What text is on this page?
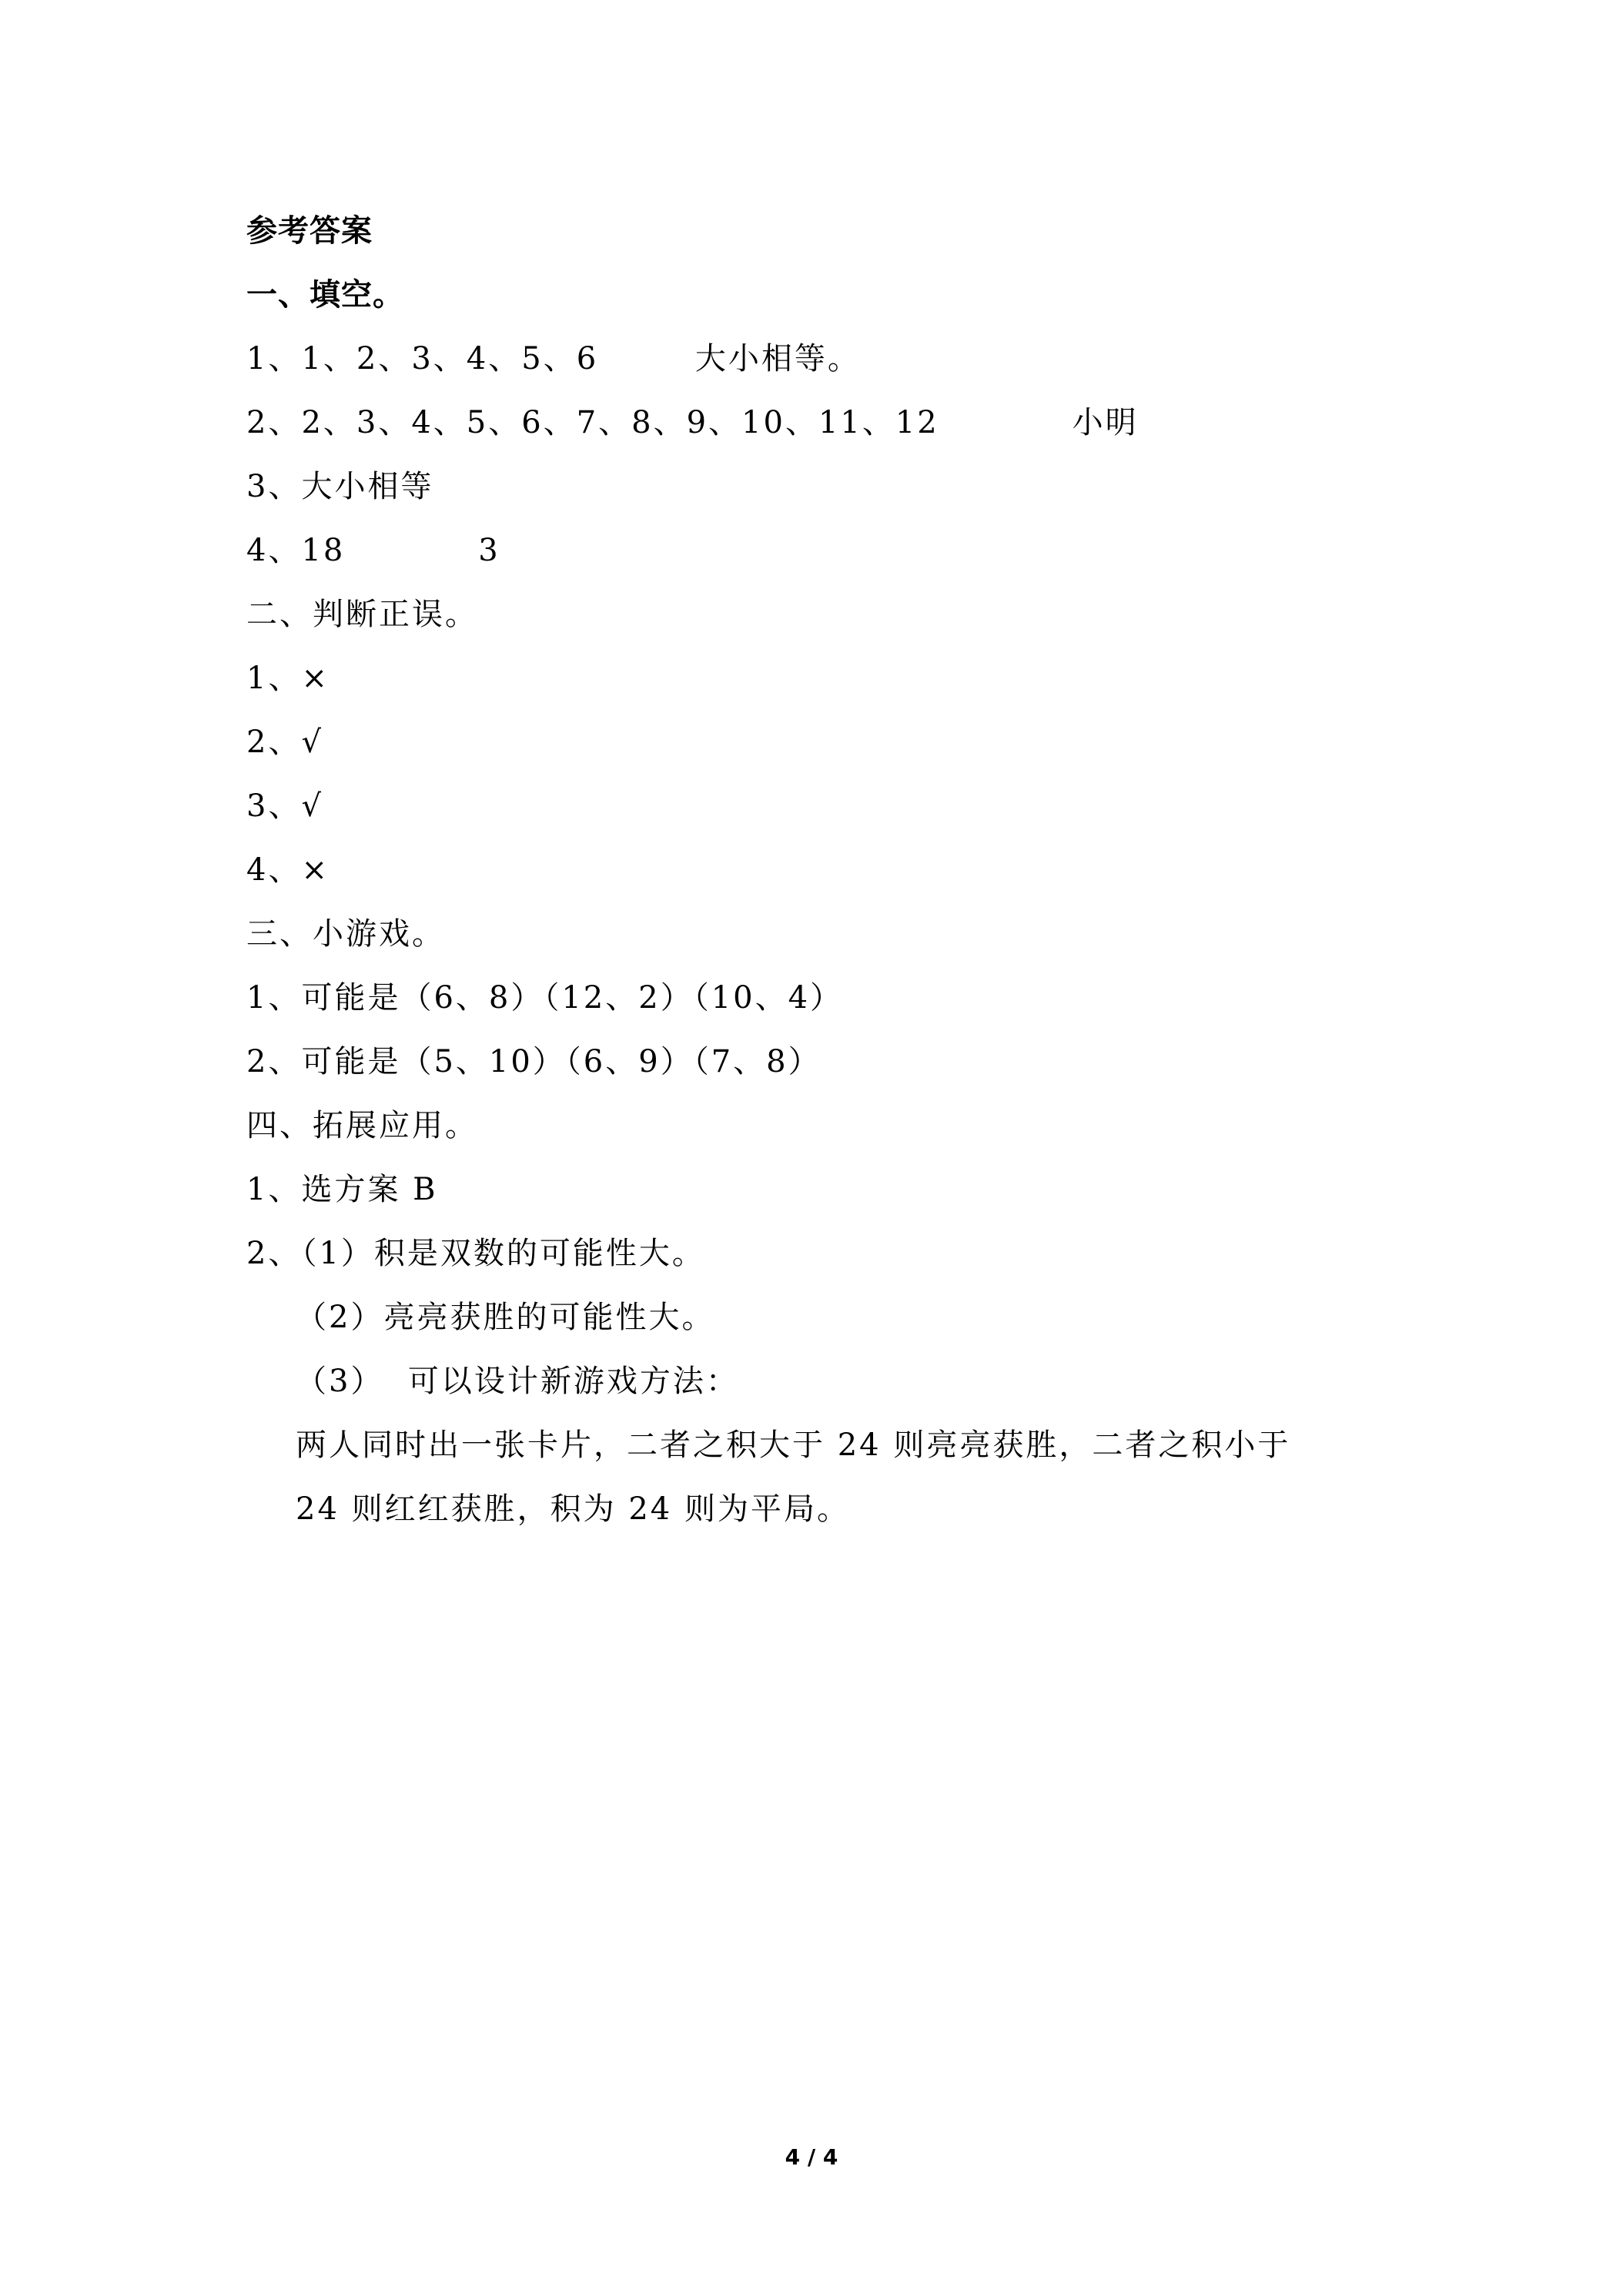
参考答案
一、填空。
1、1、2、3、4、5、6        大小相等。
2、2、3、4、5、6、7、8、9、10、11、12           小明
3、大小相等
4、18           3
二、判断正误。
1、×
2、√
3、√
4、×
三、小游戏。
1、可能是（6、8）（12、2）（10、4）
2、可能是（5、10）（6、9）（7、8）
四、拓展应用。
1、选方案 B
2、（1）积是双数的可能性大。
（2）亮亮获胜的可能性大。
（3）  可以设计新游戏方法：
两人同时出一张卡片，二者之积大于 24 则亮亮获胜，二者之积小于
24 则红红获胜，积为 24 则为平局。
4 / 4
